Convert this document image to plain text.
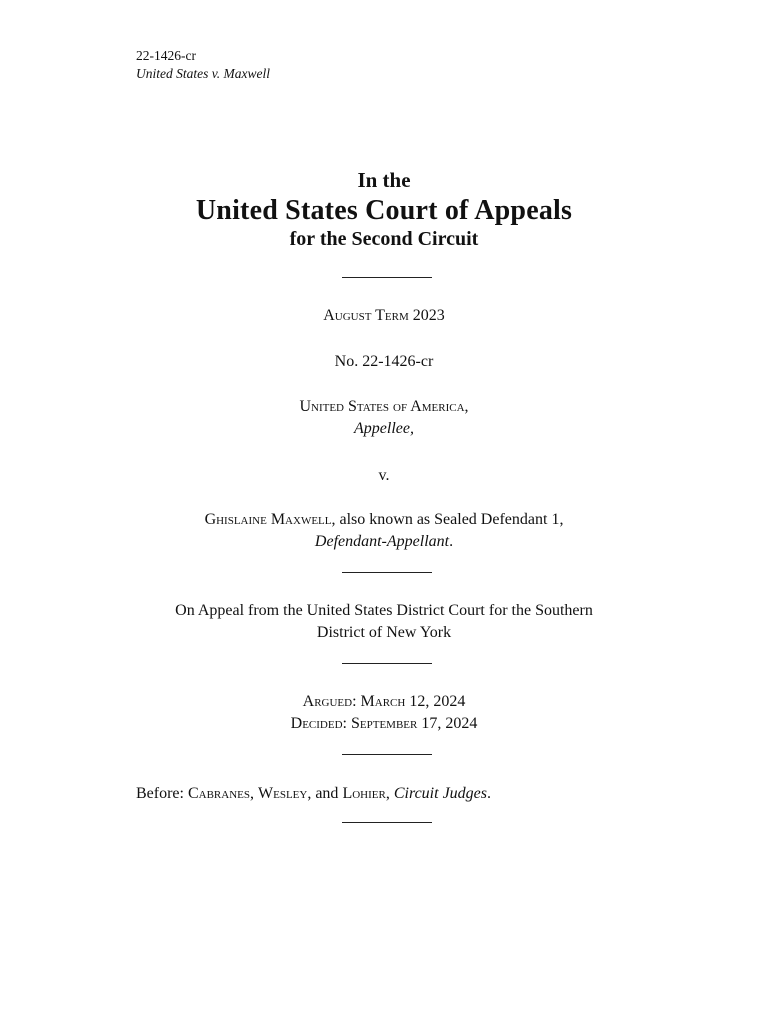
22-1426-cr
United States v. Maxwell
In the
United States Court of Appeals
for the Second Circuit
August Term 2023
No. 22-1426-cr
United States of America,
Appellee,
v.
Ghislaine Maxwell, also known as Sealed Defendant 1,
Defendant-Appellant.
On Appeal from the United States District Court for the Southern
District of New York
Argued: March 12, 2024
Decided: September 17, 2024
Before: Cabranes, Wesley, and Lohier, Circuit Judges.
